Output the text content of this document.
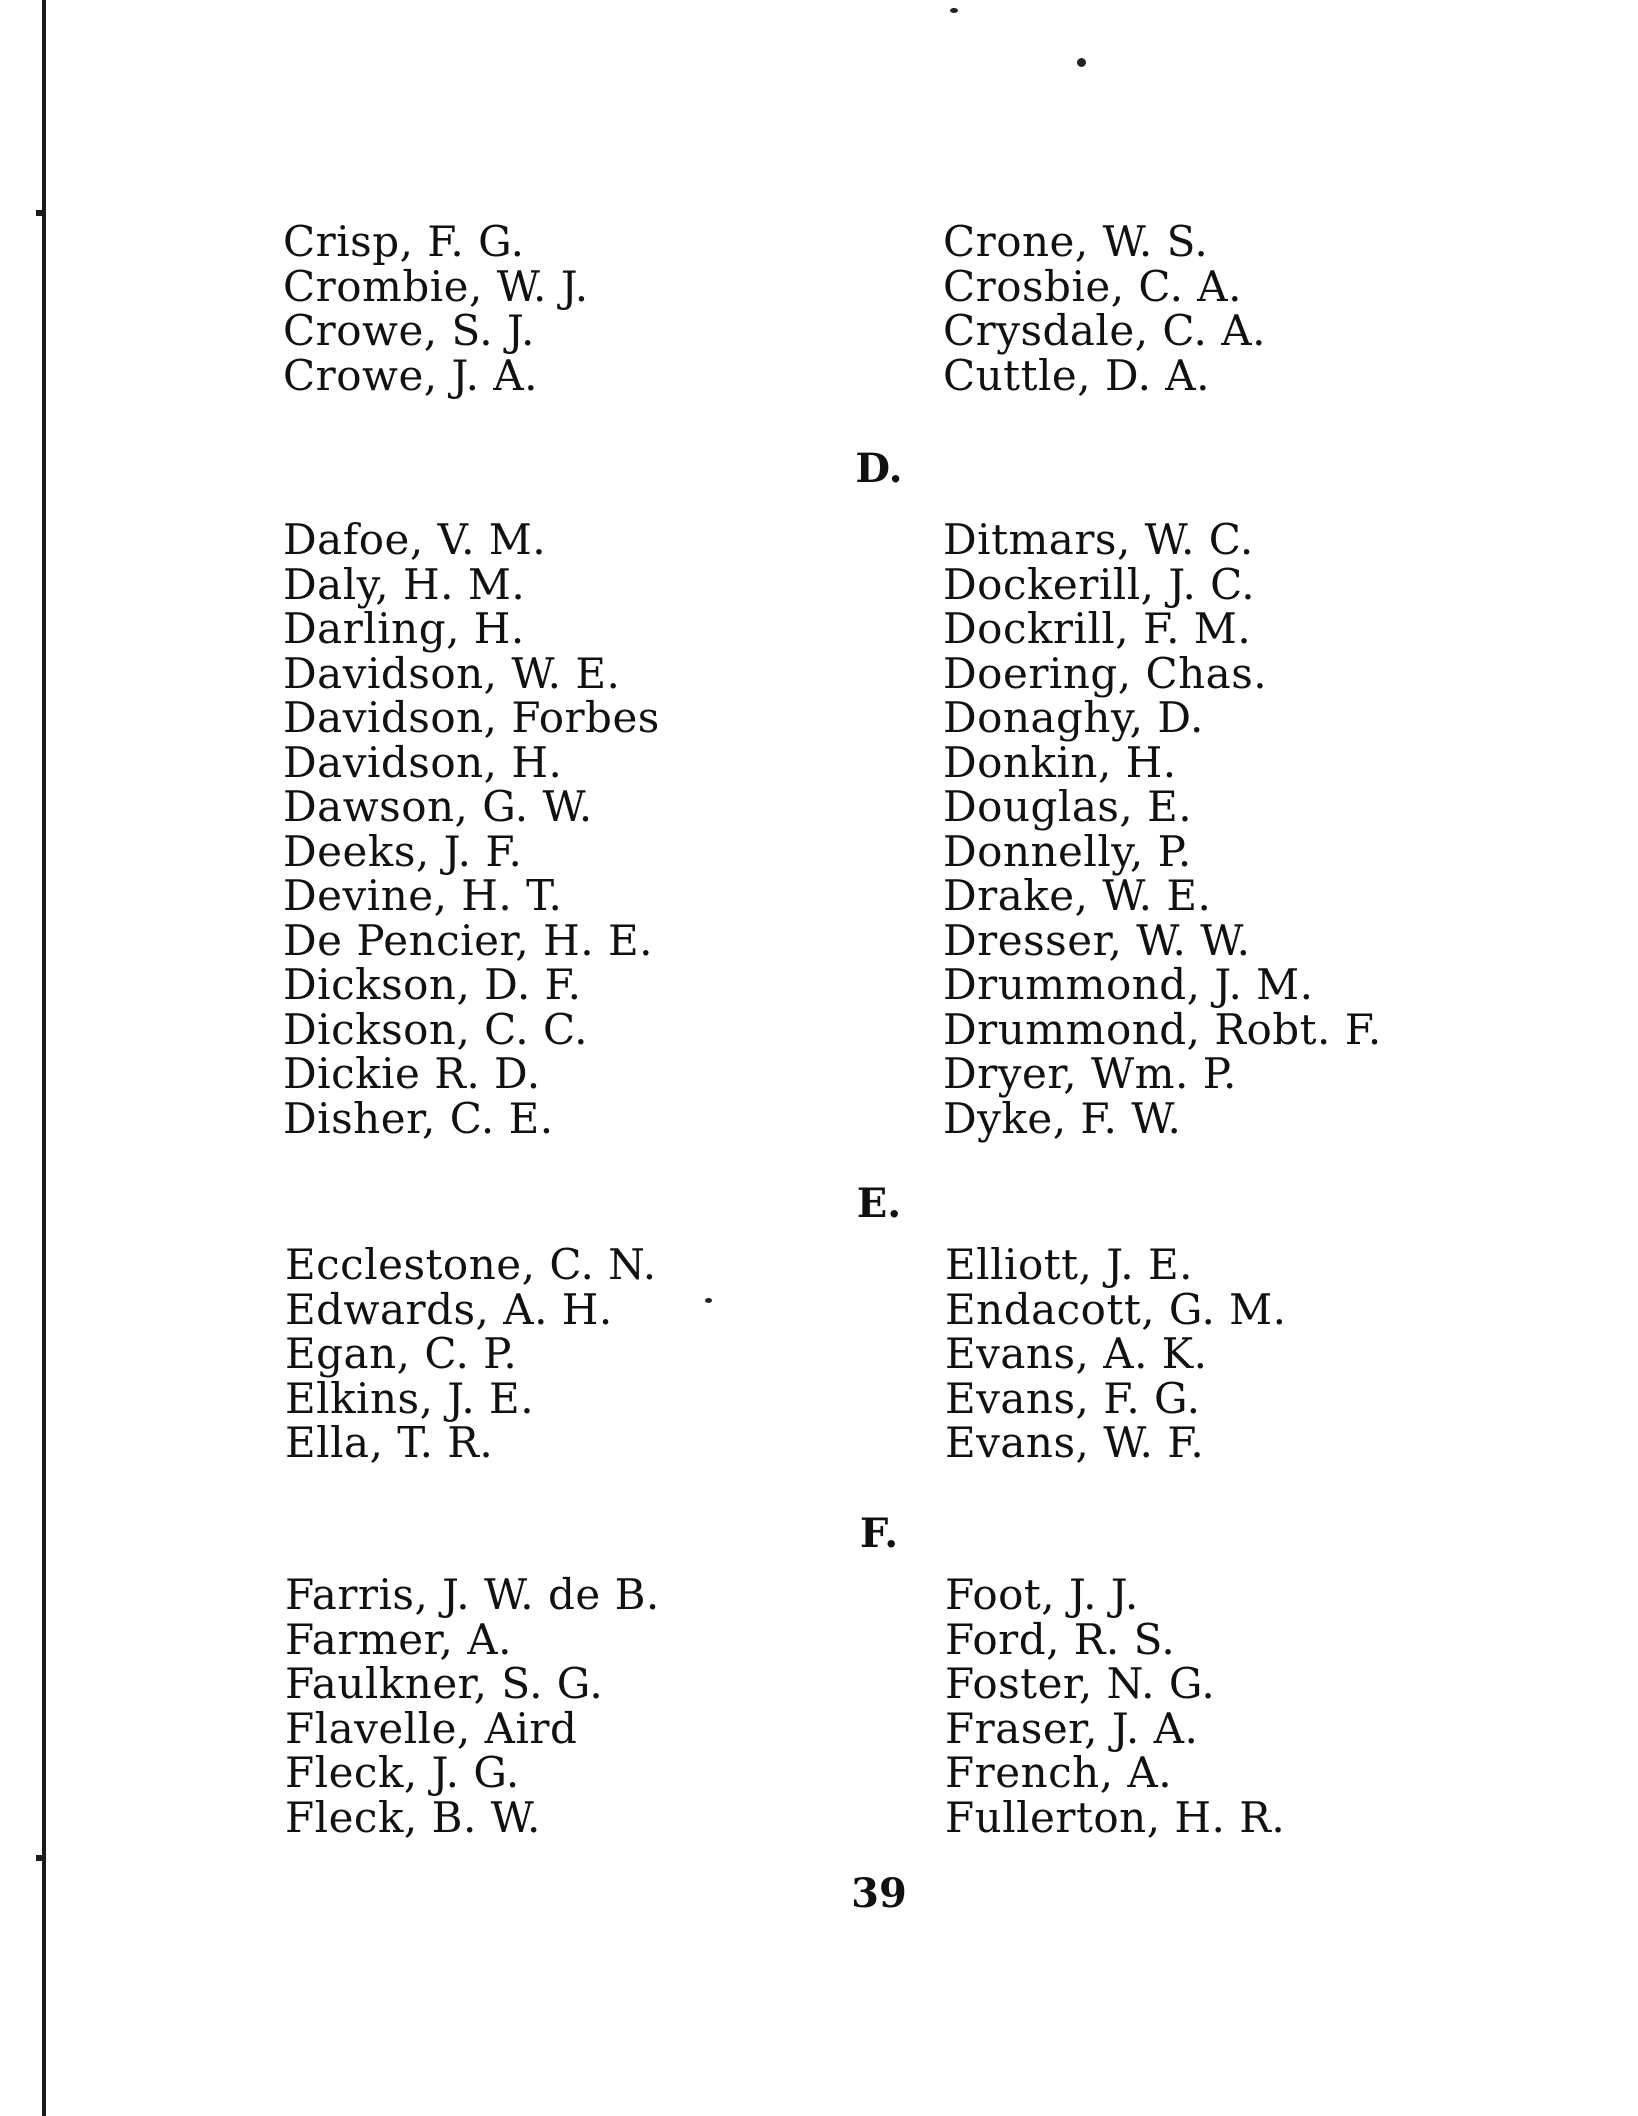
Crisp, F. G.
Crombie, W. J.
Crowe, S. J.
Crowe, J. A.
Crone, W. S.
Crosbie, C. A.
Crysdale, C. A.
Cuttle, D. A.
D.
Dafoe, V. M.
Daly, H. M.
Darling, H.
Davidson, W. E.
Davidson, Forbes
Davidson, H.
Dawson, G. W.
Deeks, J. F.
Devine, H. T.
De Pencier, H. E.
Dickson, D. F.
Dickson, C. C.
Dickie R. D.
Disher, C. E.
Ditmars, W. C.
Dockerill, J. C.
Dockrill, F. M.
Doering, Chas.
Donaghy, D.
Donkin, H.
Douglas, E.
Donnelly, P.
Drake, W. E.
Dresser, W. W.
Drummond, J. M.
Drummond, Robt. F.
Dryer, Wm. P.
Dyke, F. W.
E.
Ecclestone, C. N.
Edwards, A. H.
Egan, C. P.
Elkins, J. E.
Ella, T. R.
Elliott, J. E.
Endacott, G. M.
Evans, A. K.
Evans, F. G.
Evans, W. F.
F.
Farris, J. W. de B.
Farmer, A.
Faulkner, S. G.
Flavelle, Aird
Fleck, J. G.
Fleck, B. W.
Foot, J. J.
Ford, R. S.
Foster, N. G.
Fraser, J. A.
French, A.
Fullerton, H. R.
39
